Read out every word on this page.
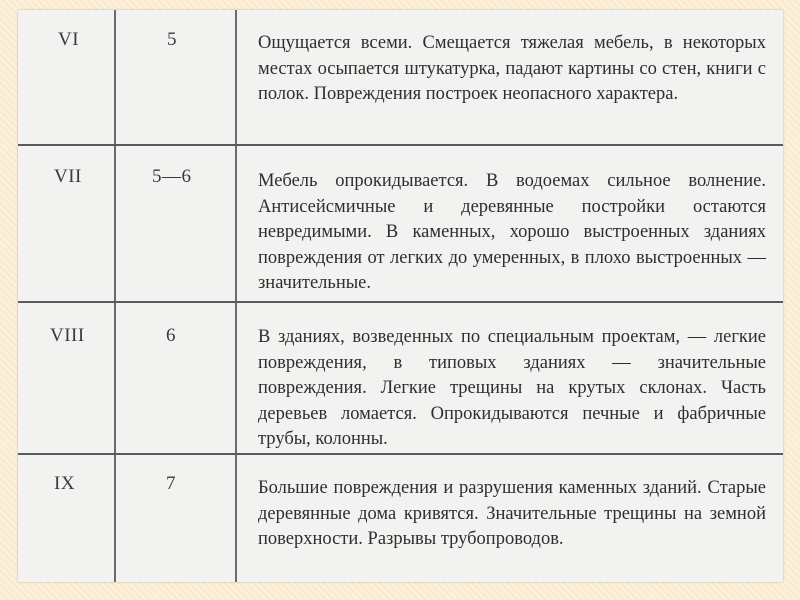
VI	5	Ощущается всеми. Смещается тяжелая мебель, в некоторых местах осыпается штукатурка, падают картины со стен, книги с полок. Повреждения построек неопасного характера.
VII	5—6	Мебель опрокидывается. В водоемах сильное волнение. Антисейсмичные и деревянные постройки остаются невредимыми. В каменных, хорошо выстроенных зданиях повреждения от легких до умеренных, в плохо выстроенных — значительные.
VIII	6	В зданиях, возведенных по специальным проектам, — легкие повреждения, в типовых зданиях — значительные повреждения. Легкие трещины на крутых склонах. Часть деревьев ломается. Опрокидываются печные и фабричные трубы, колонны.
IX	7	Большие повреждения и разрушения каменных зданий. Старые деревянные дома кривятся. Значительные трещины на земной поверхности. Разрывы трубопроводов.
